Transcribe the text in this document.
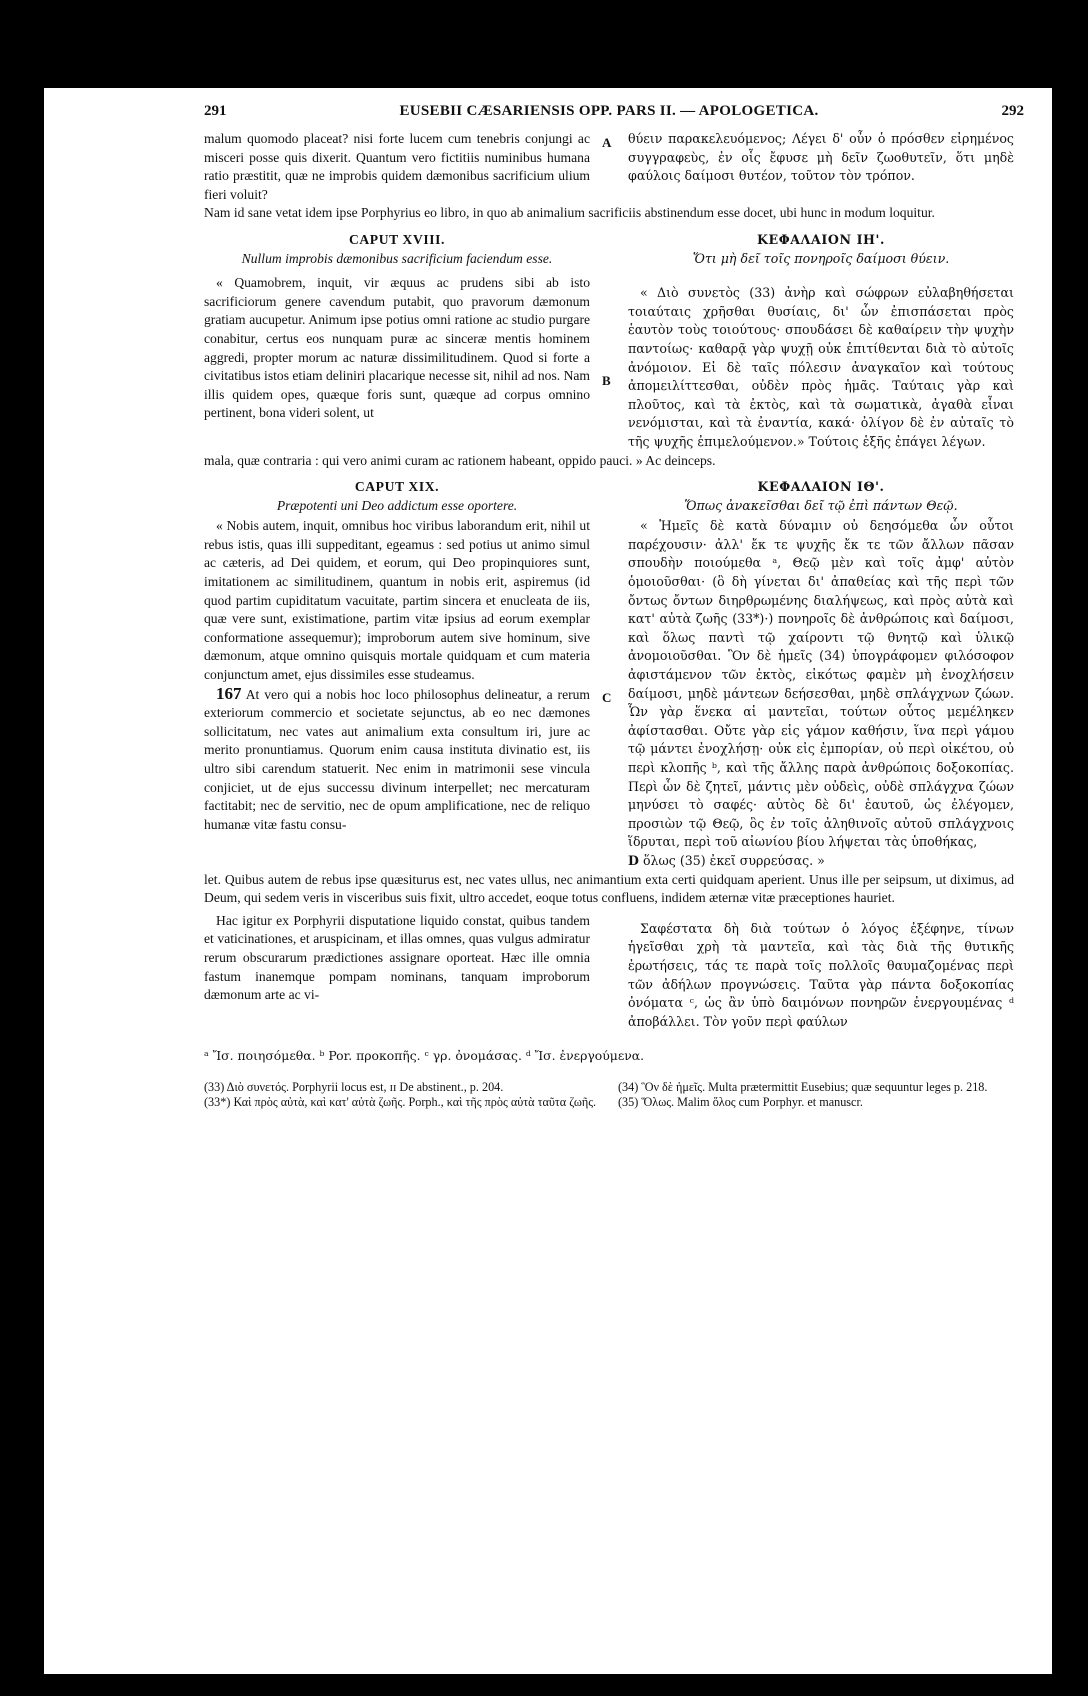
291	EUSEBII CÆSARIENSIS OPP. PARS II. — APOLOGETICA.	292

malum quomodo placeat? nisi forte lucem cum tenebris conjungi ac misceri posse quis dixerit. Quantum vero fictitiis numinibus humana ratio præstitit, quæ ne improbis quidem dæmonibus sacrificium ulium fieri voluit?

A θύειν παρακελευόμενος; Λέγει δ' οὖν ὁ πρόσθεν εἰρημένος συγγραφεὺς, ἐν οἷς ἔφυσε μὴ δεῖν ζωοθυτεῖν, ὅτι μηδὲ φαύλοις δαίμοσι θυτέον, τοῦτον τὸν τρόπον.

Nam id sane vetat idem ipse Porphyrius eo libro, in quo ab animalium sacrificiis abstinendum esse docet, ubi hunc in modum loquitur.

CAPUT XVIII.
Nullum improbis dæmonibus sacrificium faciendum esse.
ΚΕΦΑΛΑΙΟΝ ΙΗ'.
Ὅτι μὴ δεῖ τοῖς πονηροῖς δαίμοσι θύειν.

« Quamobrem, inquit, vir æquus ac prudens sibi ab isto sacrificiorum genere cavendum putabit, quo pravorum dæmonum gratiam aucupetur. Animum ipse potius omni ratione ac studio purgare conabitur, certus eos nunquam puræ ac sinceræ mentis hominem aggredi, propter morum ac naturæ dissimilitudinem. Quod si forte a civitatibus istos etiam deliniri placarique necesse sit, nihil ad nos. Nam illis quidem opes, quæque foris sunt, quæque ad corpus omnino pertinent, bona videri solent, ut

B

« Διὸ συνετὸς (33) ἀνὴρ καὶ σώφρων εὐλαβηθήσεται τοιαύταις χρῆσθαι θυσίαις, δι' ὧν ἐπισπάσεται πρὸς ἑαυτὸν τοὺς τοιούτους· σπουδάσει δὲ καθαίρειν τὴν ψυχὴν παντοίως· καθαρᾷ γὰρ ψυχῇ οὐκ ἐπιτίθενται διὰ τὸ αὐτοῖς ἀνόμοιον. Εἰ δὲ ταῖς πόλεσιν ἀναγκαῖον καὶ τούτους ἀπομειλίττεσθαι, οὐδὲν πρὸς ἡμᾶς. Ταύταις γὰρ καὶ πλοῦτος, καὶ τὰ ἐκτὸς, καὶ τὰ σωματικὰ, ἀγαθὰ εἶναι νενόμισται, καὶ τὰ ἐναντία, κακά· ὀλίγον δὲ ἐν αὐταῖς τὸ τῆς ψυχῆς ἐπιμελούμενον.» Τούτοις ἑξῆς ἐπάγει λέγων.

mala, quæ contraria : qui vero animi curam ac rationem habeant, oppido pauci. » Ac deinceps.

CAPUT XIX.
Præpotenti uni Deo addictum esse oportere.
ΚΕΦΑΛΑΙΟΝ ΙΘ'.
Ὅπως ἀνακεῖσθαι δεῖ τῷ ἐπὶ πάντων Θεῷ.

« Nobis autem, inquit, omnibus hoc viribus laborandum erit, nihil ut rebus istis, quas illi suppeditant, egeamus : sed potius ut animo simul ac cæteris, ad Dei quidem, et eorum, qui Deo propinquiores sunt, imitationem ac similitudinem, quantum in nobis erit, aspiremus (id quod partim cupiditatum vacuitate, partim sincera et enucleata de iis, quæ vere sunt, existimatione, partim vitæ ipsius ad eorum exemplar conformatione assequemur); improborum autem sive hominum, sive dæmonum, atque omnino quisquis mortale quidquam et cum materia conjunctum amet, ejus dissimiles esse studeamus.

167 At vero qui a nobis hoc loco philosophus delineatur, a rerum exteriorum commercio et societate sejunctus, ab eo nec dæmones sollicitatum, nec vates aut animalium exta consultum iri, jure ac merito pronuntiamus. Quorum enim causa instituta divinatio est, iis ultro sibi carendum statuerit. Nec enim in matrimonii sese vincula conjiciet, ut de ejus successu divinum interpellet; nec mercaturam factitabit; nec de servitio, nec de opum amplificatione, nec de reliquo humanæ vitæ fastu consu-

C

« Ἡμεῖς δὲ κατὰ δύναμιν οὐ δεησόμεθα ὧν οὗτοι παρέχουσιν· ἀλλ' ἔκ τε ψυχῆς ἔκ τε τῶν ἄλλων πᾶσαν σπουδὴν ποιούμεθα ᵃ, Θεῷ μὲν καὶ τοῖς ἀμφ' αὐτὸν ὁμοιοῦσθαι· (ὃ δὴ γίνεται δι' ἀπαθείας καὶ τῆς περὶ τῶν ὄντως ὄντων διηρθρωμένης διαλήψεως, καὶ πρὸς αὐτὰ καὶ κατ' αὐτὰ ζωῆς (33*)·) πονηροῖς δὲ ἀνθρώποις καὶ δαίμοσι, καὶ ὅλως παντὶ τῷ χαίροντι τῷ θνητῷ καὶ ὑλικῷ ἀνομοιοῦσθαι. Ὃν δὲ ἡμεῖς (34) ὑπογράφομεν φιλόσοφον ἀφιστάμενον τῶν ἐκτὸς, εἰκότως φαμὲν μὴ ἐνοχλήσειν δαίμοσι, μηδὲ μάντεων δεήσεσθαι, μηδὲ σπλάγχνων ζώων. Ὧν γὰρ ἕνεκα αἱ μαντεῖαι, τούτων οὗτος μεμέληκεν ἀφίστασθαι. Οὔτε γὰρ εἰς γάμον καθήσιν, ἵνα περὶ γάμου τῷ μάντει ἐνοχλήσῃ· οὐκ εἰς ἐμπορίαν, οὐ περὶ οἰκέτου, οὐ περὶ κλοπῆς ᵇ, καὶ τῆς ἄλλης παρὰ ἀνθρώποις δοξοκοπίας. Περὶ ὧν δὲ ζητεῖ, μάντις μὲν οὐδεὶς, οὐδὲ σπλάγχνα ζώων μηνύσει τὸ σαφές· αὐτὸς δὲ δι' ἑαυτοῦ, ὡς ἐλέγομεν, προσιὼν τῷ Θεῷ, ὃς ἐν τοῖς ἀληθινοῖς αὐτοῦ σπλάγχνοις ἵδρυται, περὶ τοῦ αἰωνίου βίου λήψεται τὰς ὑποθήκας,

D ὅλως (35) ἐκεῖ συρρεύσας. »

let. Quibus autem de rebus ipse quæsiturus est, nec vates ullus, nec animantium exta certi quidquam aperient. Unus ille per seipsum, ut diximus, ad Deum, qui sedem veris in visceribus suis fixit, ultro accedet, eoque totus confluens, indidem æternæ vitæ præceptiones hauriet.

Hac igitur ex Porphyrii disputatione liquido constat, quibus tandem et vaticinationes, et aruspicinam, et illas omnes, quas vulgus admiratur rerum obscurarum prædictiones assignare oporteat. Hæc ille omnia fastum inanemque pompam nominans, tanquam improborum dæmonum arte ac vi-

Σαφέστατα δὴ διὰ τούτων ὁ λόγος ἐξέφηνε, τίνων ἡγεῖσθαι χρὴ τὰ μαντεῖα, καὶ τὰς διὰ τῆς θυτικῆς ἐρωτήσεις, τάς τε παρὰ τοῖς πολλοῖς θαυμαζομένας περὶ τῶν ἀδήλων προγνώσεις. Ταῦτα γὰρ πάντα δοξοκοπίας ὀνόματα ᶜ, ὡς ἂν ὑπὸ δαιμόνων πονηρῶν ἐνεργουμένας ᵈ ἀποβάλλει. Τὸν γοῦν περὶ φαύλων

ᵃ Ἴσ. ποιησόμεθα. ᵇ Por. προκοπῆς. ᶜ γρ. ὀνομάσας. ᵈ Ἴσ. ἐνεργούμενα.

(33) Διὸ συνετός. Porphyrii locus est, ɪɪ De abstinent., p. 204.

(33*) Καὶ πρὸς αὐτὰ, καὶ κατ' αὐτὰ ζωῆς. Porph., καὶ τῆς πρὸς αὐτὰ ταῦτα ζωῆς.

(34) Ὃν δὲ ἡμεῖς. Multa prætermittit Eusebius; quæ sequuntur leges p. 218.

(35) Ὅλως. Malim ὅλος cum Porphyr. et manuscr.
